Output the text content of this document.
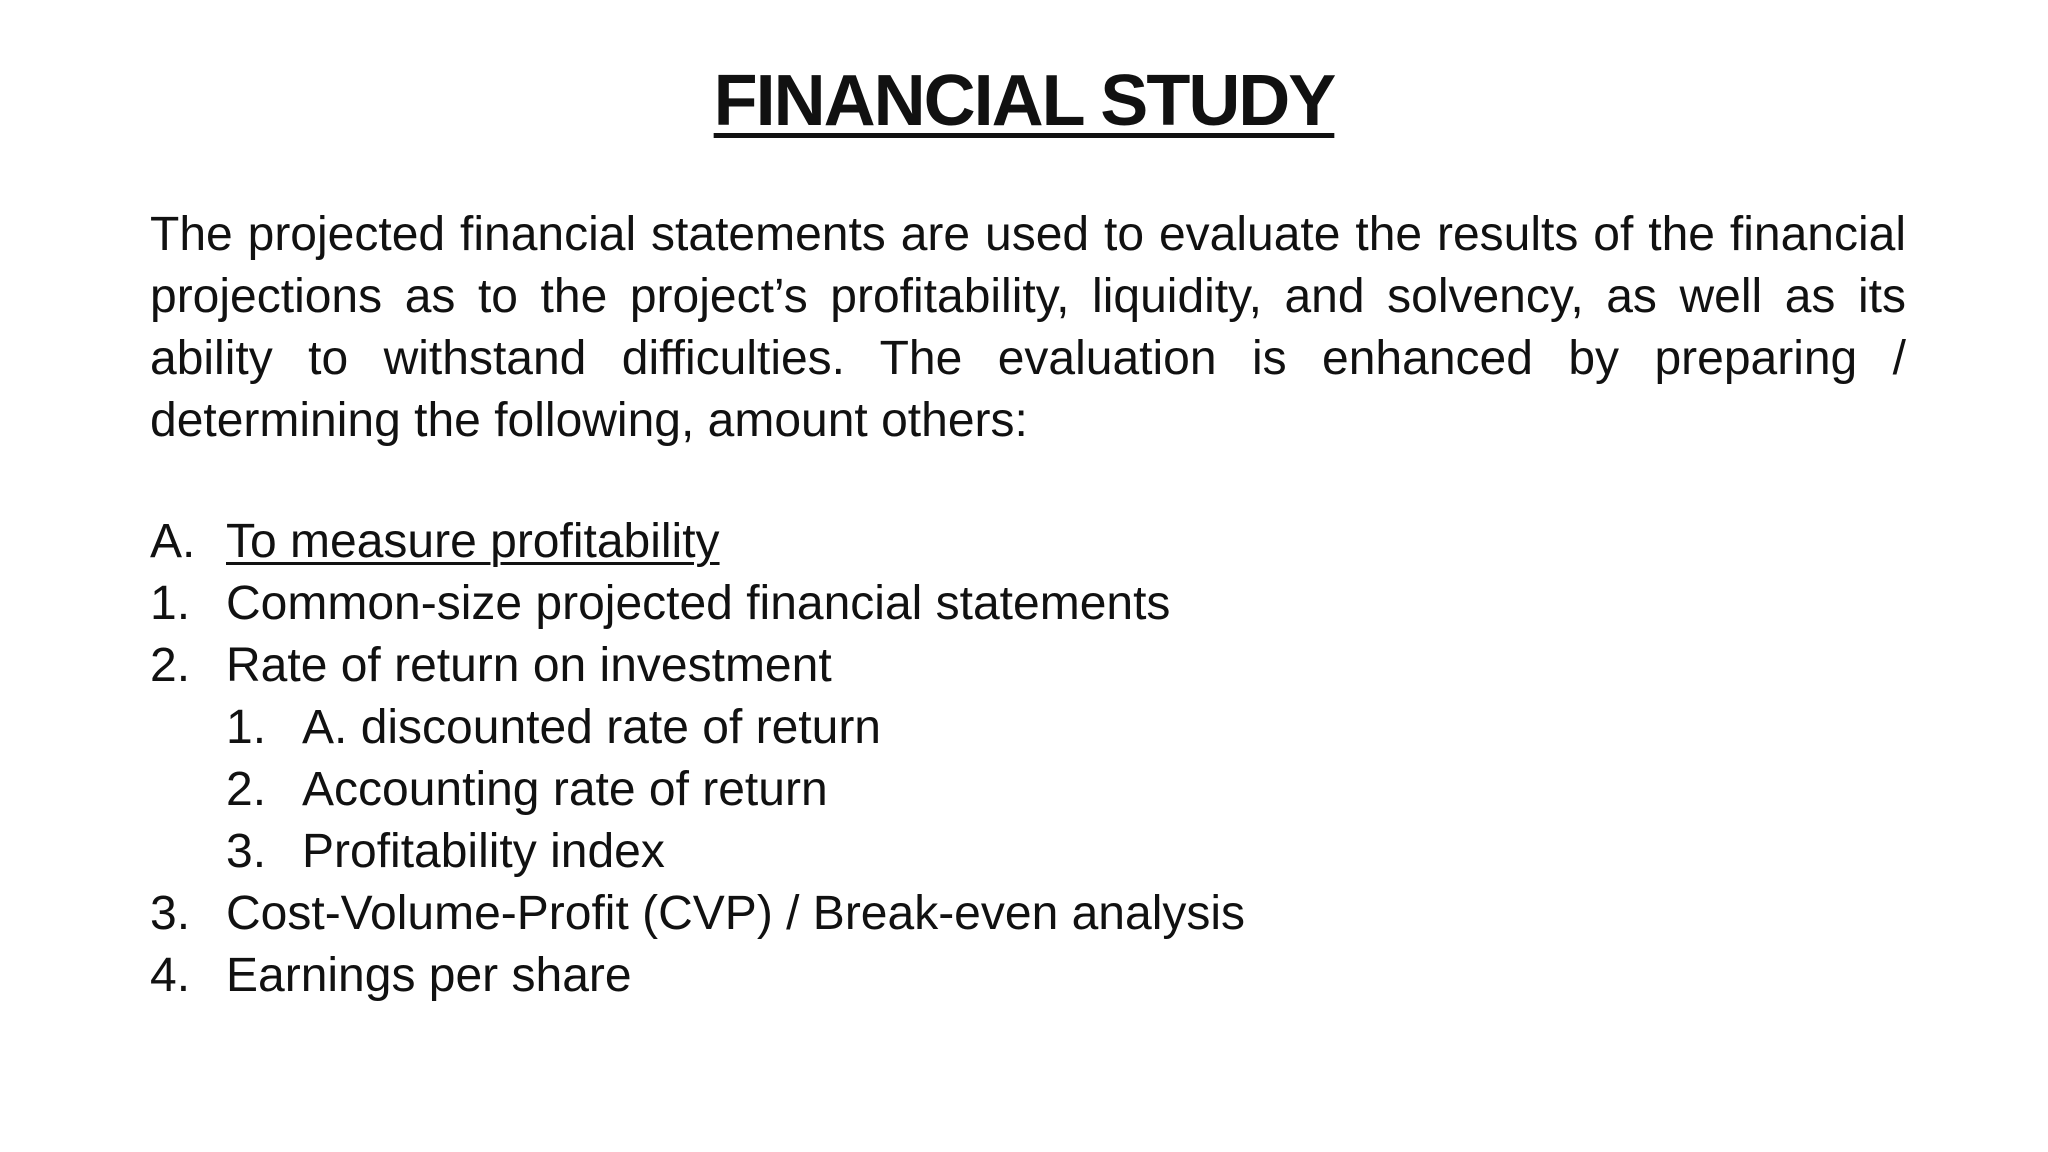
FINANCIAL STUDY

The projected financial statements are used to evaluate the results of the financial  projections as to the project’s profitability, liquidity, and solvency, as well as its  ability to withstand difficulties. The evaluation is enhanced by preparing /  determining the following, amount others:

A. To measure profitability
1. Common-size projected financial statements
2. Rate of return on investment
1. A. discounted rate of return
2. Accounting rate of return
3. Profitability index
3. Cost-Volume-Profit (CVP) / Break-even analysis
4. Earnings per share
